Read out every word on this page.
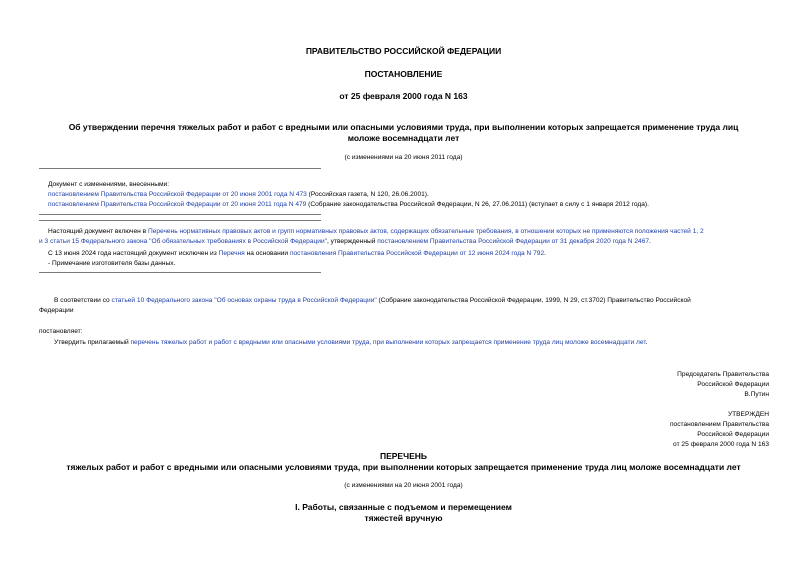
ПРАВИТЕЛЬСТВО РОССИЙСКОЙ ФЕДЕРАЦИИ
ПОСТАНОВЛЕНИЕ
от 25 февраля 2000 года N 163
Об утверждении перечня тяжелых работ и работ с вредными или опасными условиями труда, при выполнении которых запрещается применение труда лиц
моложе восемнадцати лет
(с изменениями на 20 июня 2011 года)
Документ с изменениями, внесенными:
постановлением Правительства Российской Федерации от 20 июня 2001 года N 473 (Российская газета, N 120, 26.06.2001).
постановлением Правительства Российской Федерации от 20 июня 2011 года N 479 (Собрание законодательства Российской Федерации, N 26, 27.06.2011) (вступает в силу с 1 января 2012 года).
Настоящий документ включен в Перечень нормативных правовых актов и групп нормативных правовых актов, содержащих обязательные требования, в отношении которых не применяются положения частей 1, 2
и 3 статьи 15 Федерального закона "Об обязательных требованиях в Российской Федерации", утвержденный постановлением Правительства Российской Федерации от 31 декабря 2020 года N 2467.
С 13 июня 2024 года настоящий документ исключен из Перечня на основании постановления Правительства Российской Федерации от 12 июня 2024 года N 792.
- Примечание изготовителя базы данных.
В соответствии со статьей 10 Федерального закона "Об основах охраны труда в Российской Федерации" (Собрание законодательства Российской Федерации, 1999, N 29, ст.3702) Правительство Российской
Федерации
постановляет:
Утвердить прилагаемый перечень тяжелых работ и работ с вредными или опасными условиями труда, при выполнении которых запрещается применение труда лиц моложе восемнадцати лет.
Председатель Правительства
Российской Федерации
В.Путин
УТВЕРЖДЕН
постановлением Правительства
Российской Федерации
от 25 февраля 2000 года N 163
ПЕРЕЧЕНЬ
тяжелых работ и работ с вредными или опасными условиями труда, при выполнении которых запрещается применение труда лиц моложе восемнадцати лет
(с изменениями на 20 июня 2001 года)
I. Работы, связанные с подъемом и перемещением
тяжестей вручную
